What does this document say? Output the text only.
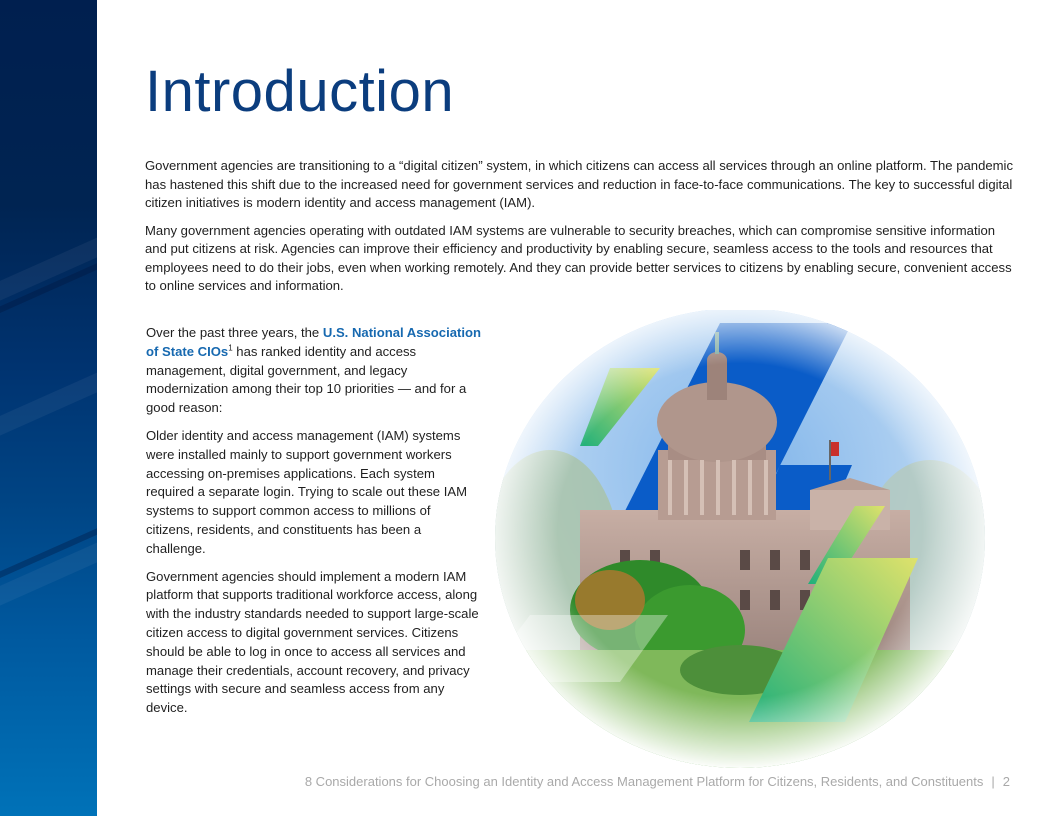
Introduction

Government agencies are transitioning to a “digital citizen” system, in which citizens can access all services through an online platform. The pandemic has hastened this shift due to the increased need for government services and reduction in face-to-face communications. The key to successful digital citizen initiatives is modern identity and access management (IAM).

Many government agencies operating with outdated IAM systems are vulnerable to security breaches, which can compromise sensitive information and put citizens at risk. Agencies can improve their efficiency and productivity by enabling secure, seamless access to the tools and resources that employees need to do their jobs, even when working remotely. And they can provide better services to citizens by enabling secure, convenient access to online services and information.

Over the past three years, the U.S. National Association of State CIOs$^1$ has ranked identity and access management, digital government, and legacy modernization among their top 10 priorities — and for a good reason:

Older identity and access management (IAM) systems were installed mainly to support government workers accessing on-premises applications. Each system required a separate login. Trying to scale out these IAM systems to support common access to millions of citizens, residents, and constituents has been a challenge.

Government agencies should implement a modern IAM platform that supports traditional workforce access, along with the industry standards needed to support large-scale citizen access to digital government services. Citizens should be able to log in once to access all services and manage their credentials, account recovery, and privacy settings with secure and seamless access from any device.

8 Considerations for Choosing an Identity and Access Management Platform for Citizens, Residents, and Constituents | 2
